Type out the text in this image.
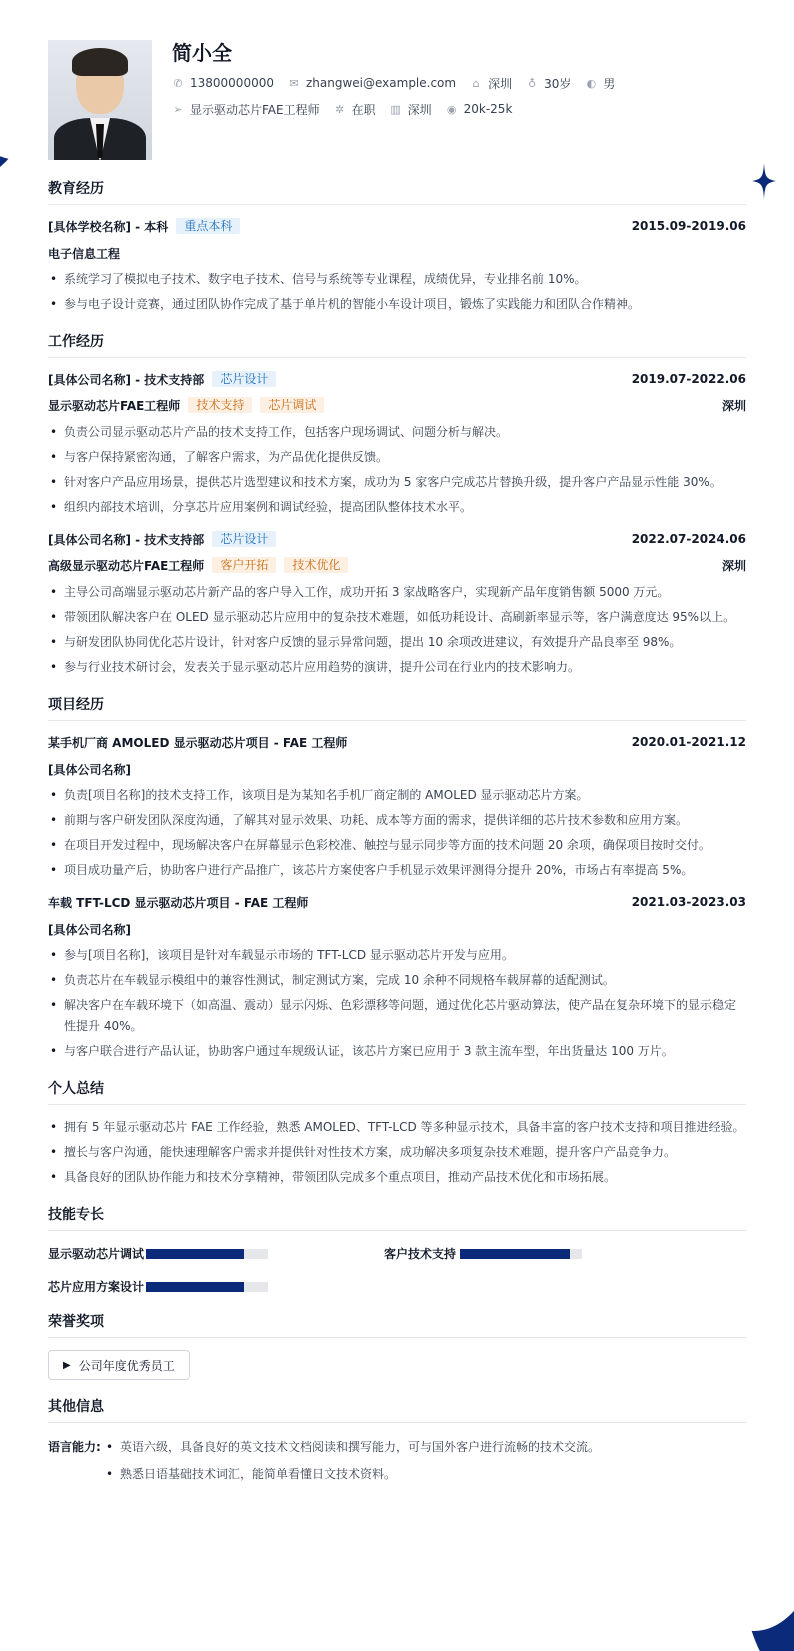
简小全
✆ 13800000000 ✉ zhangwei@example.com ⌂ 深圳 ♁ 30岁 ◐ 男
➢ 显示驱动芯片FAE工程师 ✲ 在职 ▥ 深圳 ◉ 20k-25k
教育经历
[具体学校名称] - 本科	重点本科	2015.09-2019.06
电子信息工程
• 系统学习了模拟电子技术、数字电子技术、信号与系统等专业课程，成绩优异，专业排名前 10%。
• 参与电子设计竞赛，通过团队协作完成了基于单片机的智能小车设计项目，锻炼了实践能力和团队合作精神。
工作经历
[具体公司名称] - 技术支持部	芯片设计	2019.07-2022.06
显示驱动芯片FAE工程师	技术支持	芯片调试	深圳
• 负责公司显示驱动芯片产品的技术支持工作，包括客户现场调试、问题分析与解决。
• 与客户保持紧密沟通，了解客户需求，为产品优化提供反馈。
• 针对客户产品应用场景，提供芯片选型建议和技术方案，成功为 5 家客户完成芯片替换升级，提升客户产品显示性能 30%。
• 组织内部技术培训，分享芯片应用案例和调试经验，提高团队整体技术水平。
[具体公司名称] - 技术支持部	芯片设计	2022.07-2024.06
高级显示驱动芯片FAE工程师	客户开拓	技术优化	深圳
• 主导公司高端显示驱动芯片新产品的客户导入工作，成功开拓 3 家战略客户，实现新产品年度销售额 5000 万元。
• 带领团队解决客户在 OLED 显示驱动芯片应用中的复杂技术难题，如低功耗设计、高刷新率显示等，客户满意度达 95%以上。
• 与研发团队协同优化芯片设计，针对客户反馈的显示异常问题，提出 10 余项改进建议，有效提升产品良率至 98%。
• 参与行业技术研讨会，发表关于显示驱动芯片应用趋势的演讲，提升公司在行业内的技术影响力。
项目经历
某手机厂商 AMOLED 显示驱动芯片项目 - FAE 工程师	2020.01-2021.12
[具体公司名称]
• 负责[项目名称]的技术支持工作，该项目是为某知名手机厂商定制的 AMOLED 显示驱动芯片方案。
• 前期与客户研发团队深度沟通，了解其对显示效果、功耗、成本等方面的需求，提供详细的芯片技术参数和应用方案。
• 在项目开发过程中，现场解决客户在屏幕显示色彩校准、触控与显示同步等方面的技术问题 20 余项，确保项目按时交付。
• 项目成功量产后，协助客户进行产品推广，该芯片方案使客户手机显示效果评测得分提升 20%，市场占有率提高 5%。
车载 TFT-LCD 显示驱动芯片项目 - FAE 工程师	2021.03-2023.03
[具体公司名称]
• 参与[项目名称]，该项目是针对车载显示市场的 TFT-LCD 显示驱动芯片开发与应用。
• 负责芯片在车载显示模组中的兼容性测试，制定测试方案，完成 10 余种不同规格车载屏幕的适配测试。
• 解决客户在车载环境下（如高温、震动）显示闪烁、色彩漂移等问题，通过优化芯片驱动算法，使产品在复杂环境下的显示稳定性提升 40%。
• 与客户联合进行产品认证，协助客户通过车规级认证，该芯片方案已应用于 3 款主流车型，年出货量达 100 万片。
个人总结
• 拥有 5 年显示驱动芯片 FAE 工作经验，熟悉 AMOLED、TFT-LCD 等多种显示技术，具备丰富的客户技术支持和项目推进经验。
• 擅长与客户沟通，能快速理解客户需求并提供针对性技术方案，成功解决多项复杂技术难题，提升客户产品竞争力。
• 具备良好的团队协作能力和技术分享精神，带领团队完成多个重点项目，推动产品技术优化和市场拓展。
技能专长
显示驱动芯片调试	客户技术支持
芯片应用方案设计
荣誉奖项
▶ 公司年度优秀员工
其他信息
语言能力:
•	英语六级，具备良好的英文技术文档阅读和撰写能力，可与国外客户进行流畅的技术交流。
• 熟悉日语基础技术词汇，能简单看懂日文技术资料。
